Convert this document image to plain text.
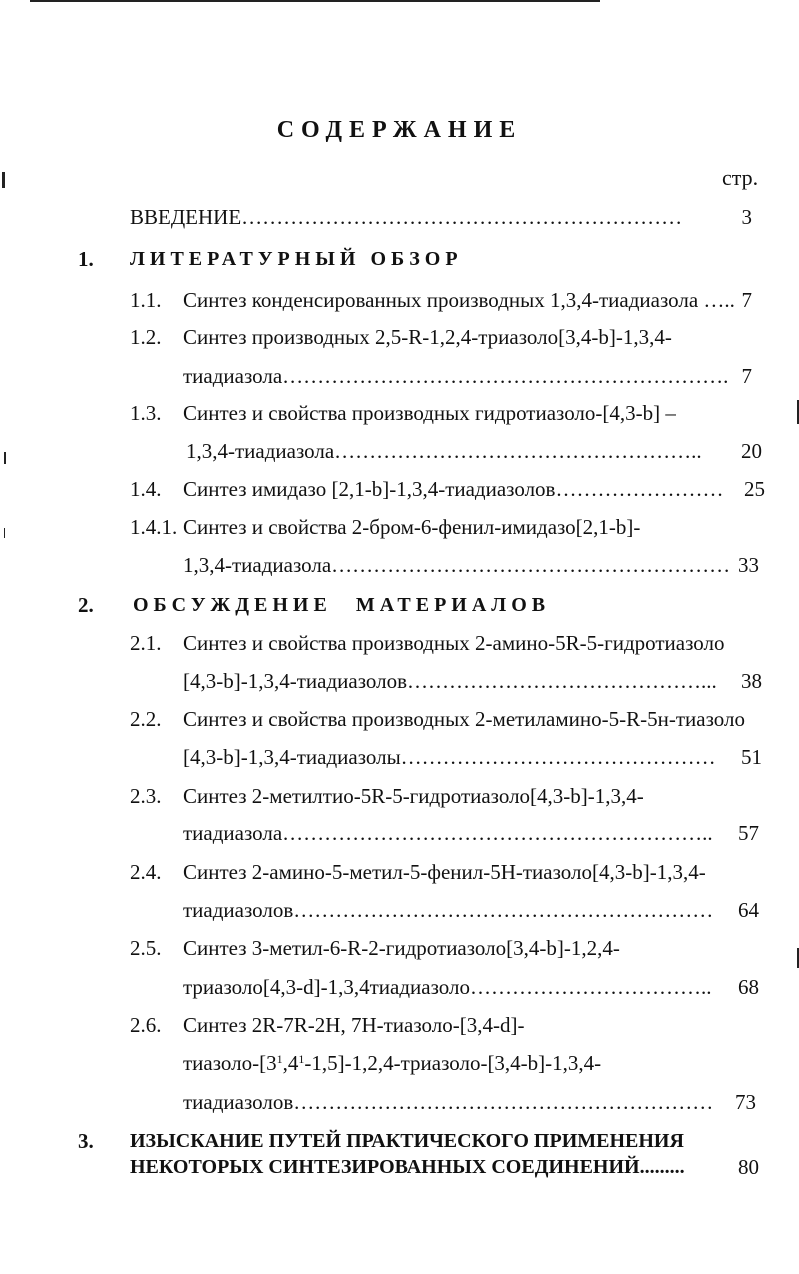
СОДЕРЖАНИЕ
стр.
ВВЕДЕНИЕ………………………………………………………	3
1. ЛИТЕРАТУРНЫЙ ОБЗОР
1.1. Синтез конденсированных производных 1,3,4-тиадиазола ….. 7
1.2. Синтез производных 2,5-R-1,2,4-триазоло[3,4-b]-1,3,4-
тиадиазола………………………………………………………. 7
1.3. Синтез и свойства производных гидротиазоло-[4,3-b] –
1,3,4-тиадиазола……………………………………………..	20
1.4. Синтез имидазо [2,1-b]-1,3,4-тиадиазолов…………………… 25
1.4.1. Синтез и свойства 2-бром-6-фенил-имидазо[2,1-b]-
1,3,4-тиадиазола………………………………………………… 33
2. ОБСУЖДЕНИЕ МАТЕРИАЛОВ
2.1. Синтез и свойства производных 2-амино-5R-5-гидротиазоло
[4,3-b]-1,3,4-тиадиазолов……………………………………...	38
2.2. Синтез и свойства производных 2-метиламино-5-R-5н-тиазоло
[4,3-b]-1,3,4-тиадиазолы………………………………………	51
2.3. Синтез 2-метилтио-5R-5-гидротиазоло[4,3-b]-1,3,4-
тиадиазола……………………………………………………..	57
2.4. Синтез 2-амино-5-метил-5-фенил-5Н-тиазоло[4,3-b]-1,3,4-
тиадиазолов……………………………………………………	64
2.5. Синтез 3-метил-6-R-2-гидротиазоло[3,4-b]-1,2,4-
триазоло[4,3-d]-1,3,4тиадиазоло……………………………..	68
2.6. Синтез 2R-7R-2H, 7H-тиазоло-[3,4-d]-
тиазоло-$[3^1,4^1-1,5]-1,2,4-триазоло-[3,4-b]-1,3,4-$
тиадиазолов……………………………………………………	73
3. ИЗЫСКАНИЕ ПУТЕЙ ПРАКТИЧЕСКОГО ПРИМЕНЕНИЯ
НЕКОТОРЫХ СИНТЕЗИРОВАННЫХ СОЕДИНЕНИЙ.........	80
